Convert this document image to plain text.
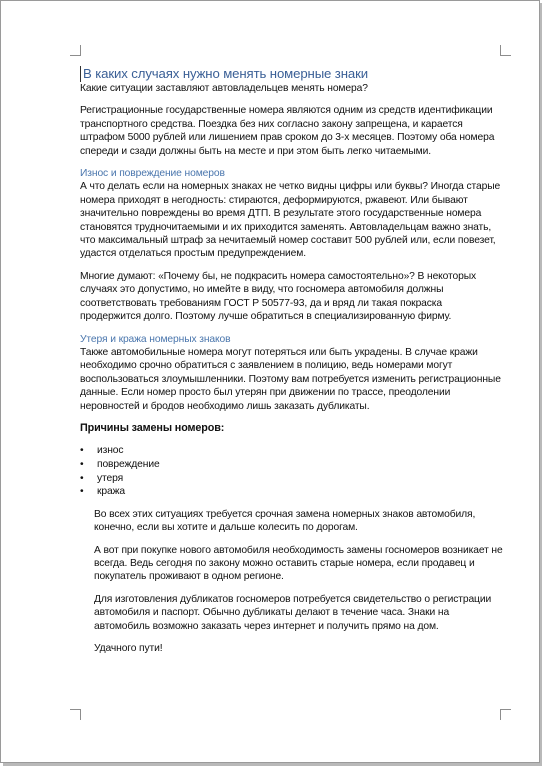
В каких случаях нужно менять номерные знаки

Какие ситуации заставляют автовладельцев менять номера?

Регистрационные государственные номера являются одним из средств идентификации транспортного средства. Поездка без них согласно закону запрещена, и карается штрафом 5000 рублей или лишением прав сроком до 3-х месяцев. Поэтому оба номера спереди и сзади должны быть на месте и при этом быть легко читаемыми.

Износ и повреждение номеров

А что делать если на номерных знаках не четко видны цифры или буквы? Иногда старые номера приходят в негодность: стираются, деформируются, ржавеют. Или бывают значительно повреждены во время ДТП. В результате этого государственные номера становятся трудночитаемыми и их приходится заменять. Автовладельцам важно знать, что максимальный штраф за нечитаемый номер составит 500 рублей или, если повезет, удастся отделаться простым предупреждением.

Многие думают: «Почему бы, не подкрасить номера самостоятельно»? В некоторых случаях это допустимо, но имейте в виду, что госномера автомобиля должны соответствовать требованиям ГОСТ Р 50577-93, да и вряд ли такая покраска продержится долго. Поэтому лучше обратиться в специализированную фирму.

Утеря и кража номерных знаков

Также автомобильные номера могут потеряться или быть украдены. В случае кражи необходимо срочно обратиться с заявлением в полицию, ведь номерами могут воспользоваться злоумышленники. Поэтому вам потребуется изменить регистрационные данные. Если номер просто был утерян при движении по трассе, преодолении неровностей и бродов необходимо лишь заказать дубликаты.

Причины замены номеров:

• износ
• повреждение
• утеря
• кража

Во всех этих ситуациях требуется срочная замена номерных знаков автомобиля, конечно, если вы хотите и дальше колесить по дорогам.

А вот при покупке нового автомобиля необходимость замены госномеров возникает не всегда. Ведь сегодня по закону можно оставить старые номера, если продавец и покупатель проживают в одном регионе.

Для изготовления дубликатов госномеров потребуется свидетельство о регистрации автомобиля и паспорт. Обычно дубликаты делают в течение часа. Знаки на автомобиль возможно заказать через интернет и получить прямо на дом.

Удачного пути!
